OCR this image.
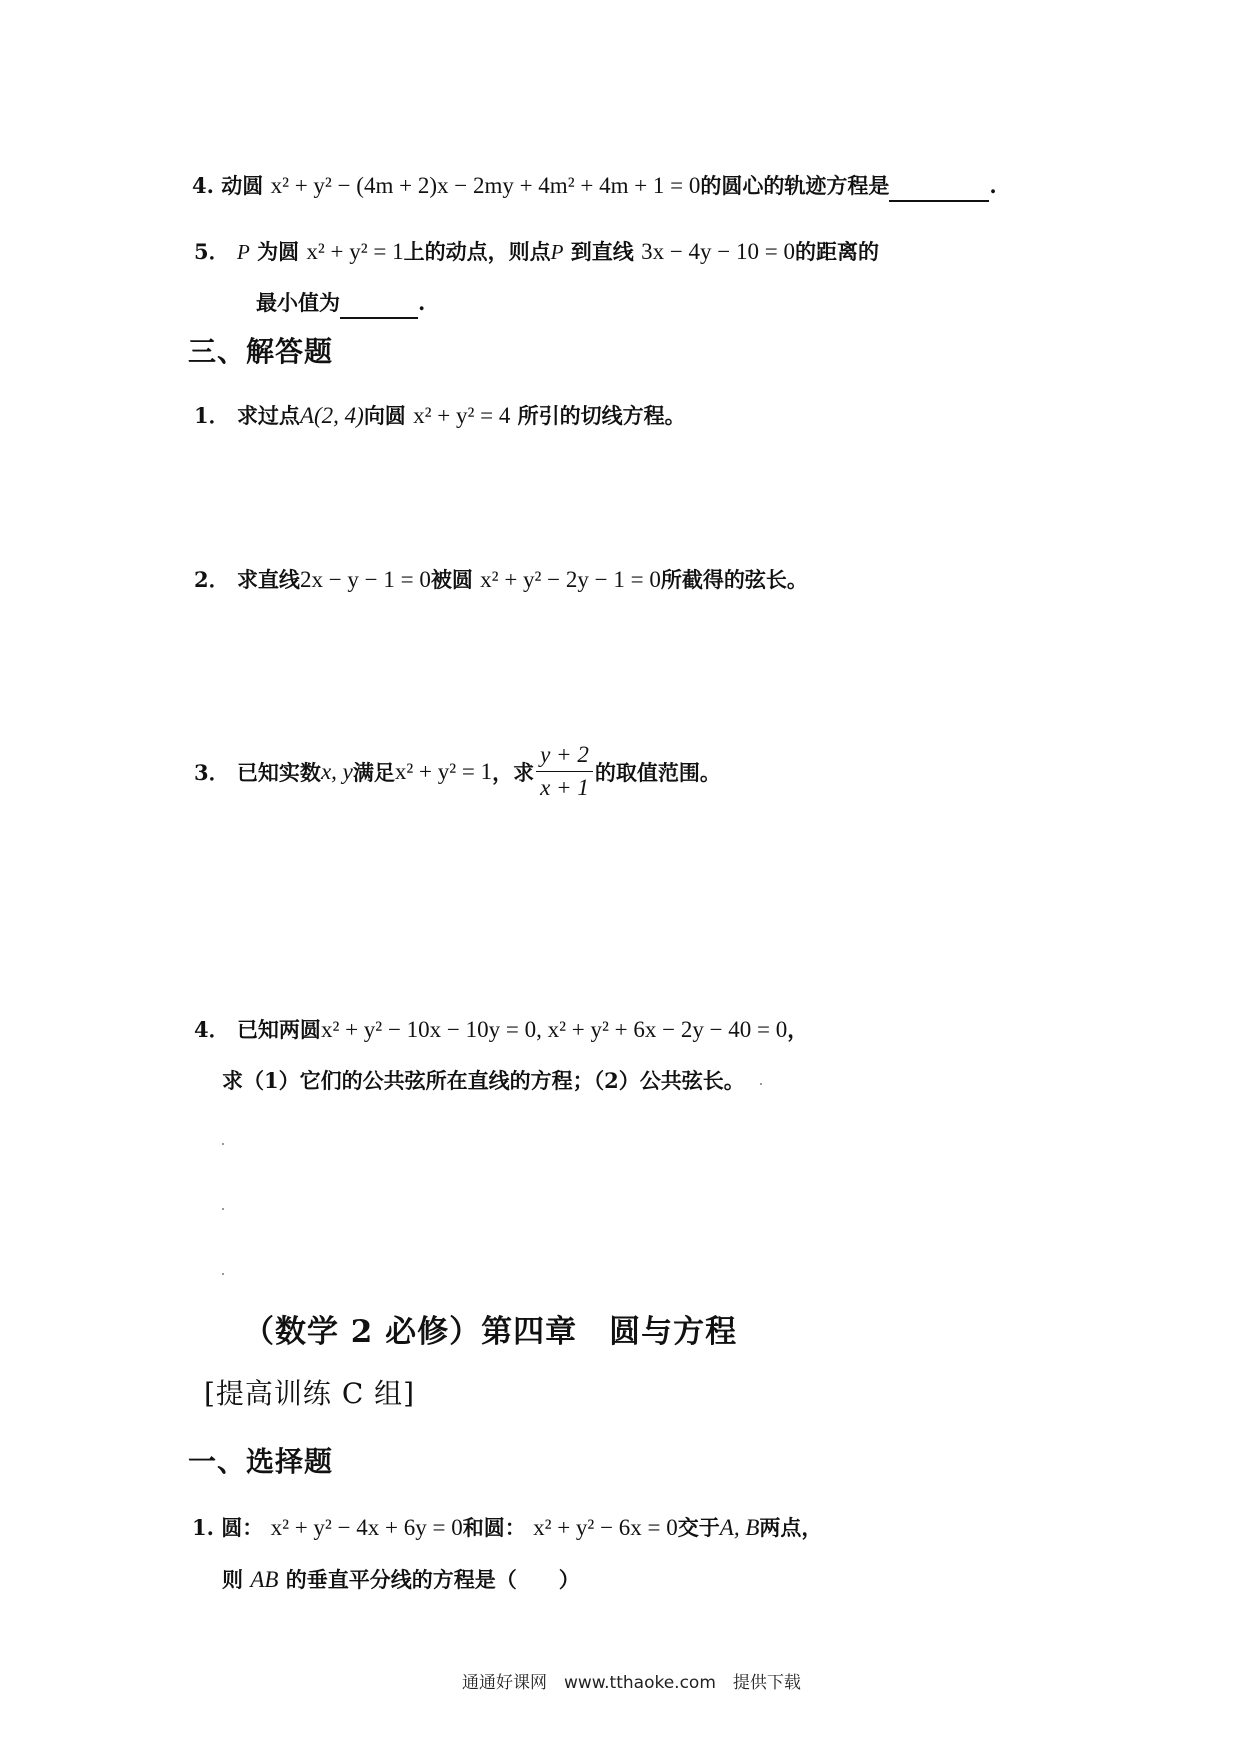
4. 动圆 x² + y² − (4m + 2)x − 2my + 4m² + 4m + 1 = 0的圆心的轨迹方程是	.
5． P 为圆 x² + y² = 1上的动点，则点P 到直线 3x − 4y − 10 = 0的距离的
最小值为	.
三、解答题
1． 求过点A(2, 4)向圆 x² + y² = 4 所引的切线方程。
2． 求直线2x − y − 1 = 0被圆 x² + y² − 2y − 1 = 0所截得的弦长。
3．
已知实数 x, y 满足 x² + y² = 1 ，求 $\frac{y + 2}{x + 1}$ 的取值范围。
4． 已知两圆x² + y² − 10x − 10y = 0, x² + y² + 6x − 2y − 40 = 0，
求（1）它们的公共弦所在直线的方程；（2）公共弦长。
（数学 2 必修）第四章　圆与方程
[提高训练 C 组]
一、选择题
1. 圆： x² + y² − 4x + 6y = 0和圆： x² + y² − 6x = 0交于A, B两点，
则 AB 的垂直平分线的方程是（　　）
通通好课网　www.tthaoke.com　提供下载
